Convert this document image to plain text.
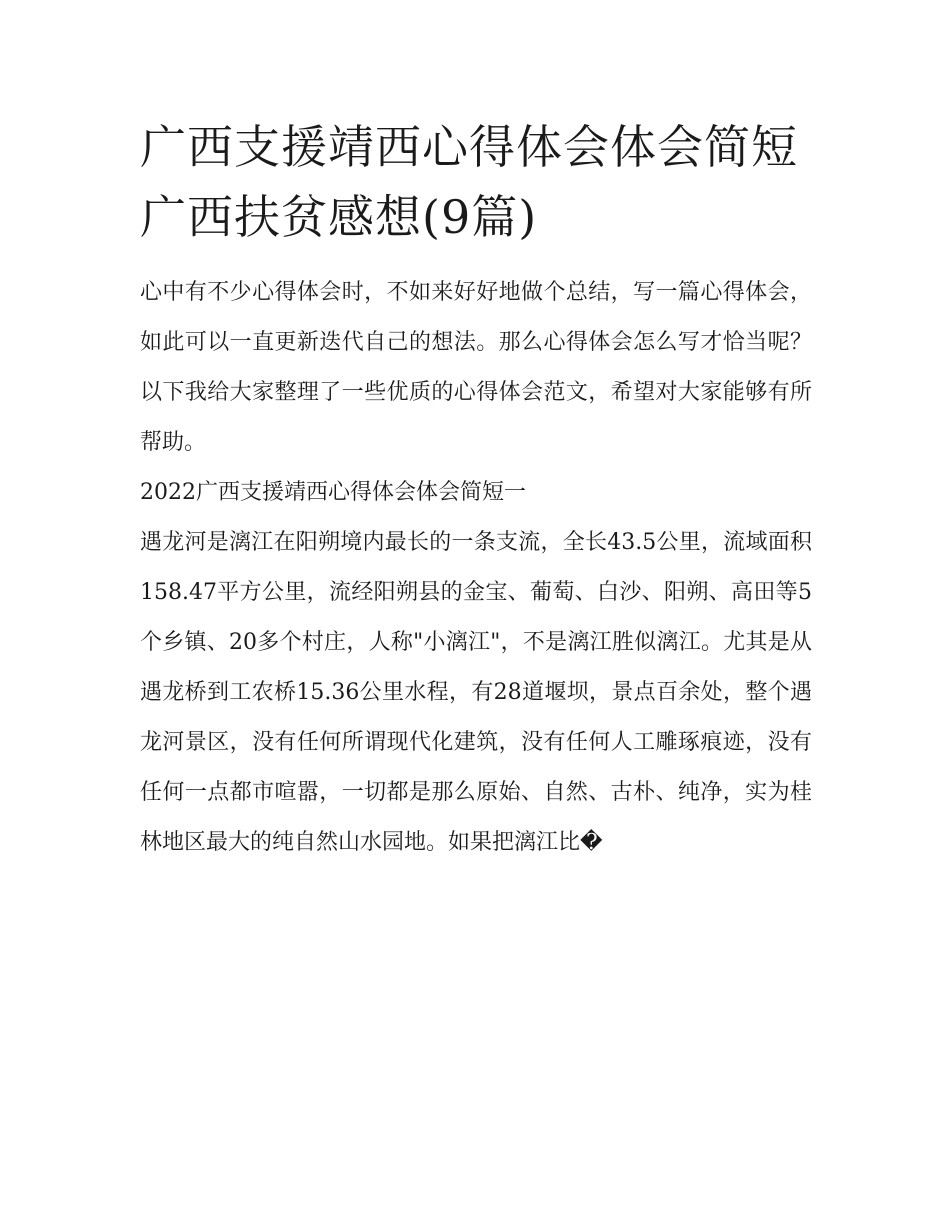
广西支援靖西心得体会体会简短 广西扶贫感想(9篇)

心中有不少心得体会时，不如来好好地做个总结，写一篇心得体会，如此可以一直更新迭代自己的想法。那么心得体会怎么写才恰当呢？以下我给大家整理了一些优质的心得体会范文，希望对大家能够有所帮助。

2022广西支援靖西心得体会体会简短一

遇龙河是漓江在阳朔境内最长的一条支流，全长43.5公里，流域面积158.47平方公里，流经阳朔县的金宝、葡萄、白沙、阳朔、高田等5个乡镇、20多个村庄，人称"小漓江"，不是漓江胜似漓江。尤其是从遇龙桥到工农桥15.36公里水程，有28道堰坝，景点百余处，整个遇龙河景区，没有任何所谓现代化建筑，没有任何人工雕琢痕迹，没有任何一点都市喧嚣，一切都是那么原始、自然、古朴、纯净，实为桂林地区最大的纯自然山水园地。如果把漓江比�
